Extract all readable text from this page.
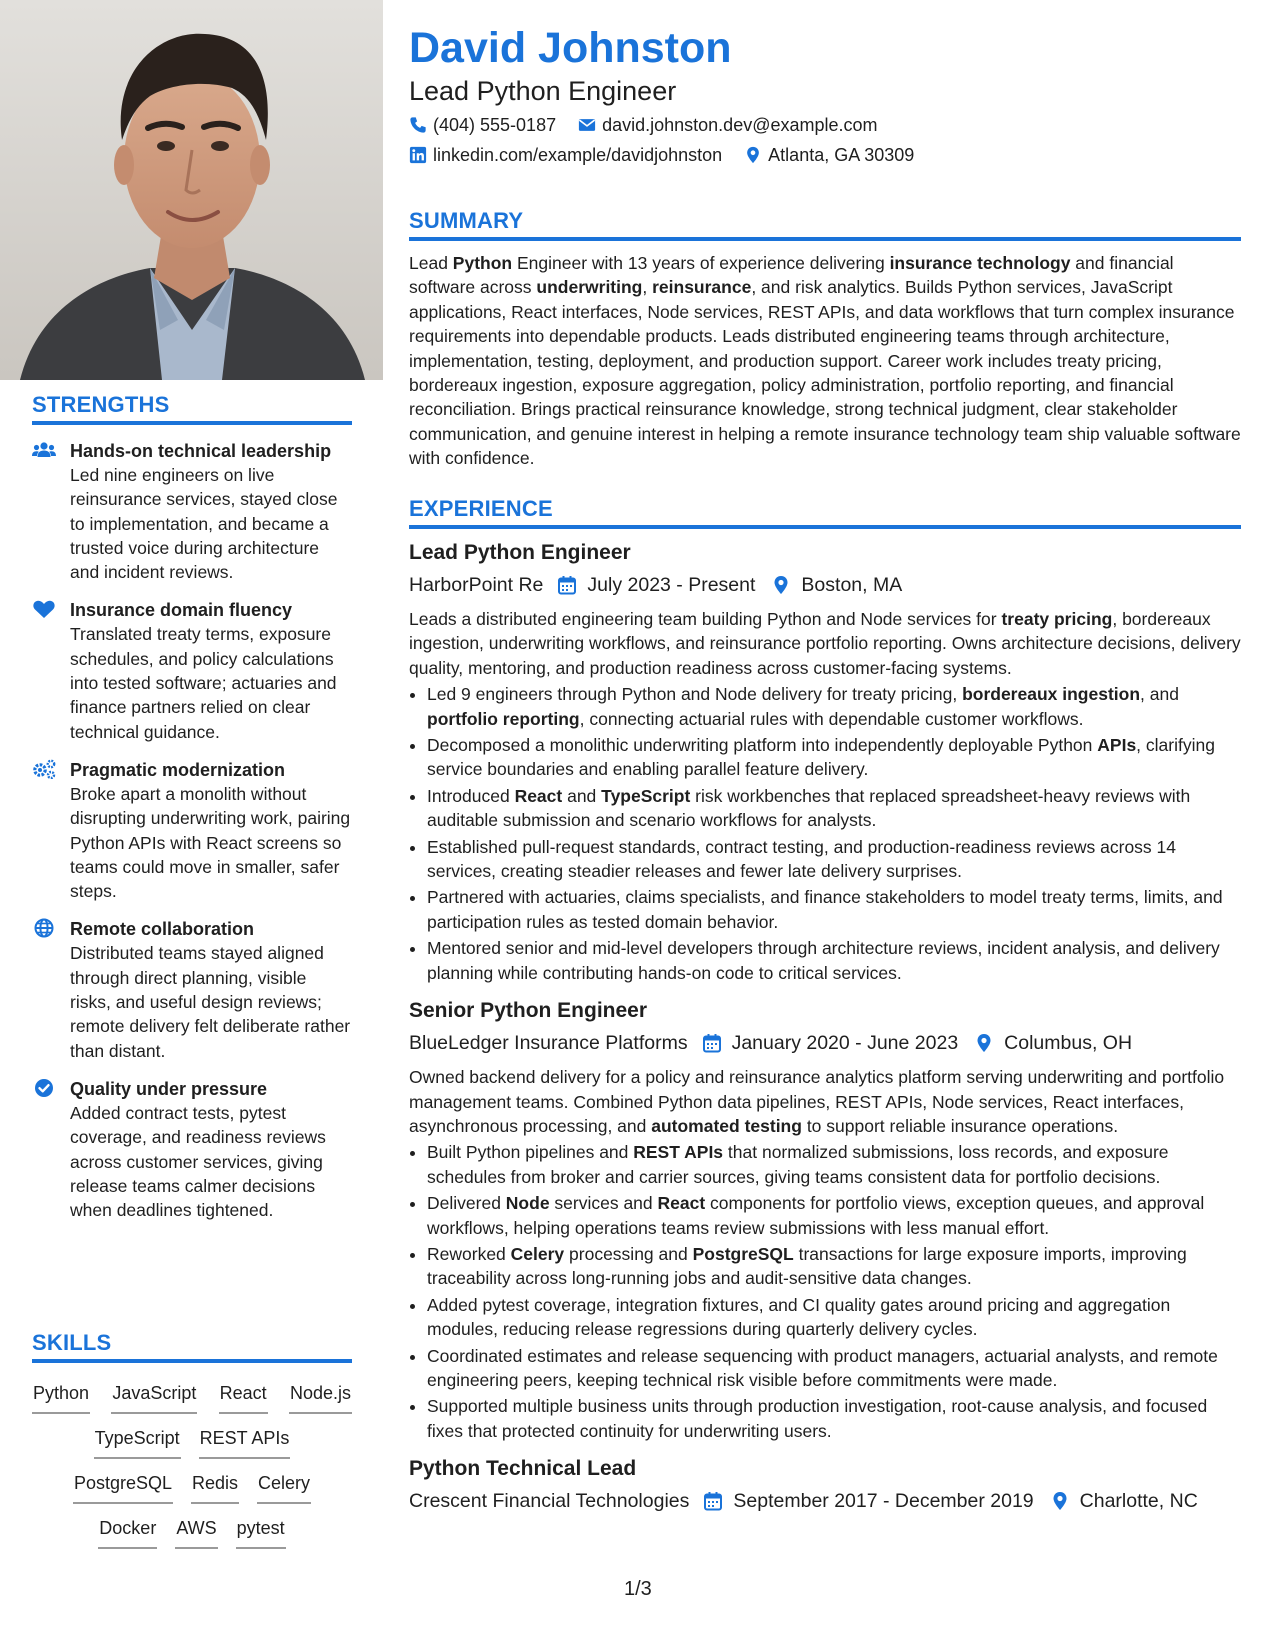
STRENGTHS
Hands-on technical leadership
Led nine engineers on live reinsurance services, stayed close to implementation, and became a trusted voice during architecture and incident reviews.
Insurance domain fluency
Translated treaty terms, exposure schedules, and policy calculations into tested software; actuaries and finance partners relied on clear technical guidance.
Pragmatic modernization
Broke apart a monolith without disrupting underwriting work, pairing Python APIs with React screens so teams could move in smaller, safer steps.
Remote collaboration
Distributed teams stayed aligned through direct planning, visible risks, and useful design reviews; remote delivery felt deliberate rather than distant.
Quality under pressure
Added contract tests, pytest coverage, and readiness reviews across customer services, giving release teams calmer decisions when deadlines tightened.
SKILLS
Python JavaScript React Node.js
TypeScript REST APIs
PostgreSQL Redis Celery
Docker AWS pytest
David Johnston
Lead Python Engineer
(404) 555-0187	david.johnston.dev@example.com
linkedin.com/example/davidjohnston	Atlanta, GA 30309
SUMMARY

Lead Python Engineer with 13 years of experience delivering insurance technology and financial software across underwriting, reinsurance, and risk analytics. Builds Python services, JavaScript applications, React interfaces, Node services, REST APIs, and data workflows that turn complex insurance requirements into dependable products. Leads distributed engineering teams through architecture, implementation, testing, deployment, and production support. Career work includes treaty pricing, bordereaux ingestion, exposure aggregation, policy administration, portfolio reporting, and financial reconciliation. Brings practical reinsurance knowledge, strong technical judgment, clear stakeholder communication, and genuine interest in helping a remote insurance technology team ship valuable software with confidence.

EXPERIENCE
Lead Python Engineer
HarborPoint Re July 2023 - Present Boston, MA

Leads a distributed engineering team building Python and Node services for treaty pricing, bordereaux ingestion, underwriting workflows, and reinsurance portfolio reporting. Owns architecture decisions, delivery quality, mentoring, and production readiness across customer-facing systems.

• Led 9 engineers through Python and Node delivery for treaty pricing, bordereaux ingestion, and portfolio reporting, connecting actuarial rules with dependable customer workflows.
• Decomposed a monolithic underwriting platform into independently deployable Python APIs, clarifying service boundaries and enabling parallel feature delivery.
• Introduced React and TypeScript risk workbenches that replaced spreadsheet-heavy reviews with auditable submission and scenario workflows for analysts.
• Established pull-request standards, contract testing, and production-readiness reviews across 14 services, creating steadier releases and fewer late delivery surprises.
• Partnered with actuaries, claims specialists, and finance stakeholders to model treaty terms, limits, and participation rules as tested domain behavior.
• Mentored senior and mid-level developers through architecture reviews, incident analysis, and delivery planning while contributing hands-on code to critical services.
Senior Python Engineer
BlueLedger Insurance Platforms January 2020 - June 2023 Columbus, OH

Owned backend delivery for a policy and reinsurance analytics platform serving underwriting and portfolio management teams. Combined Python data pipelines, REST APIs, Node services, React interfaces, asynchronous processing, and automated testing to support reliable insurance operations.

• Built Python pipelines and REST APIs that normalized submissions, loss records, and exposure schedules from broker and carrier sources, giving teams consistent data for portfolio decisions.
• Delivered Node services and React components for portfolio views, exception queues, and approval workflows, helping operations teams review submissions with less manual effort.
• Reworked Celery processing and PostgreSQL transactions for large exposure imports, improving traceability across long-running jobs and audit-sensitive data changes.
• Added pytest coverage, integration fixtures, and CI quality gates around pricing and aggregation modules, reducing release regressions during quarterly delivery cycles.
• Coordinated estimates and release sequencing with product managers, actuarial analysts, and remote engineering peers, keeping technical risk visible before commitments were made.
• Supported multiple business units through production investigation, root-cause analysis, and focused fixes that protected continuity for underwriting users.
Python Technical Lead
Crescent Financial Technologies September 2017 - December 2019 Charlotte, NC
1/3
